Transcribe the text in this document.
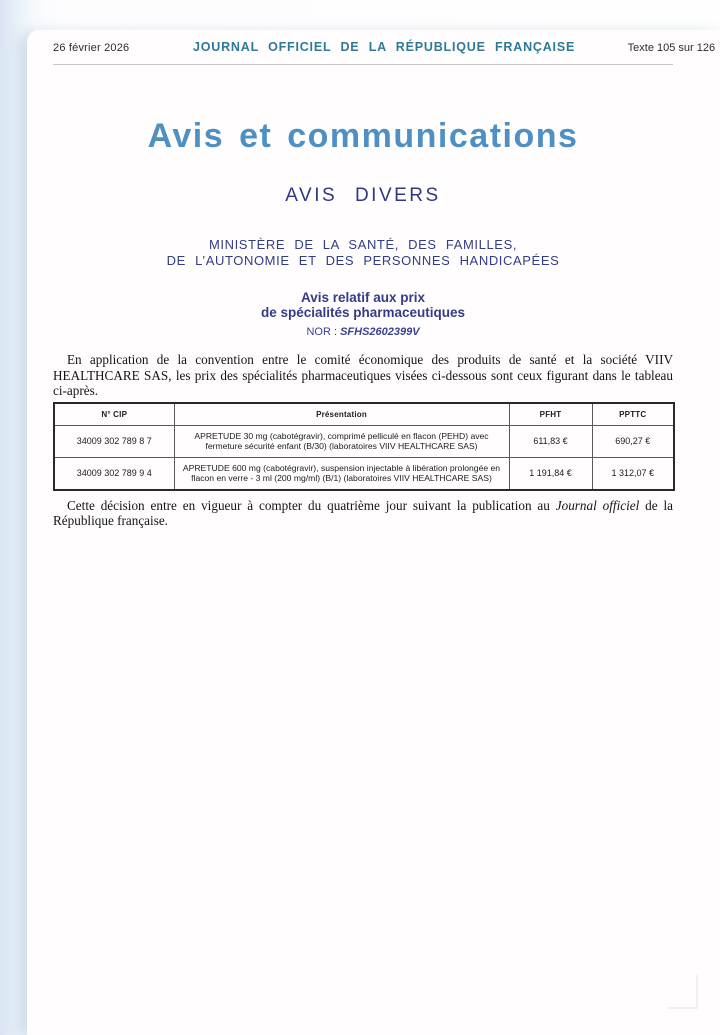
26 février 2026	JOURNAL OFFICIEL DE LA RÉPUBLIQUE FRANÇAISE	Texte 105 sur 126
Avis et communications
AVIS DIVERS
MINISTÈRE DE LA SANTÉ, DES FAMILLES,
DE L’AUTONOMIE ET DES PERSONNES HANDICAPÉES
Avis relatif aux prix
de spécialités pharmaceutiques
NOR : SFHS2602399V

En application de la convention entre le comité économique des produits de santé et la société VIIV HEALTHCARE SAS, les prix des spécialités pharmaceutiques visées ci-dessous sont ceux figurant dans le tableau ci-après.

N° CIP	Présentation	PFHT	PPTTC
34009 302 789 8 7	APRETUDE 30 mg (cabotégravir), comprimé pelliculé en flacon (PEHD) avec fermeture sécurité enfant (B/30) (laboratoires VIIV HEALTHCARE SAS)	611,83 €	690,27 €
34009 302 789 9 4	APRETUDE 600 mg (cabotégravir), suspension injectable à libération prolongée en flacon en verre - 3 ml (200 mg/ml) (B/1) (laboratoires VIIV HEALTHCARE SAS)	1 191,84 €	1 312,07 €

Cette décision entre en vigueur à compter du quatrième jour suivant la publication au Journal officiel de la République française.
